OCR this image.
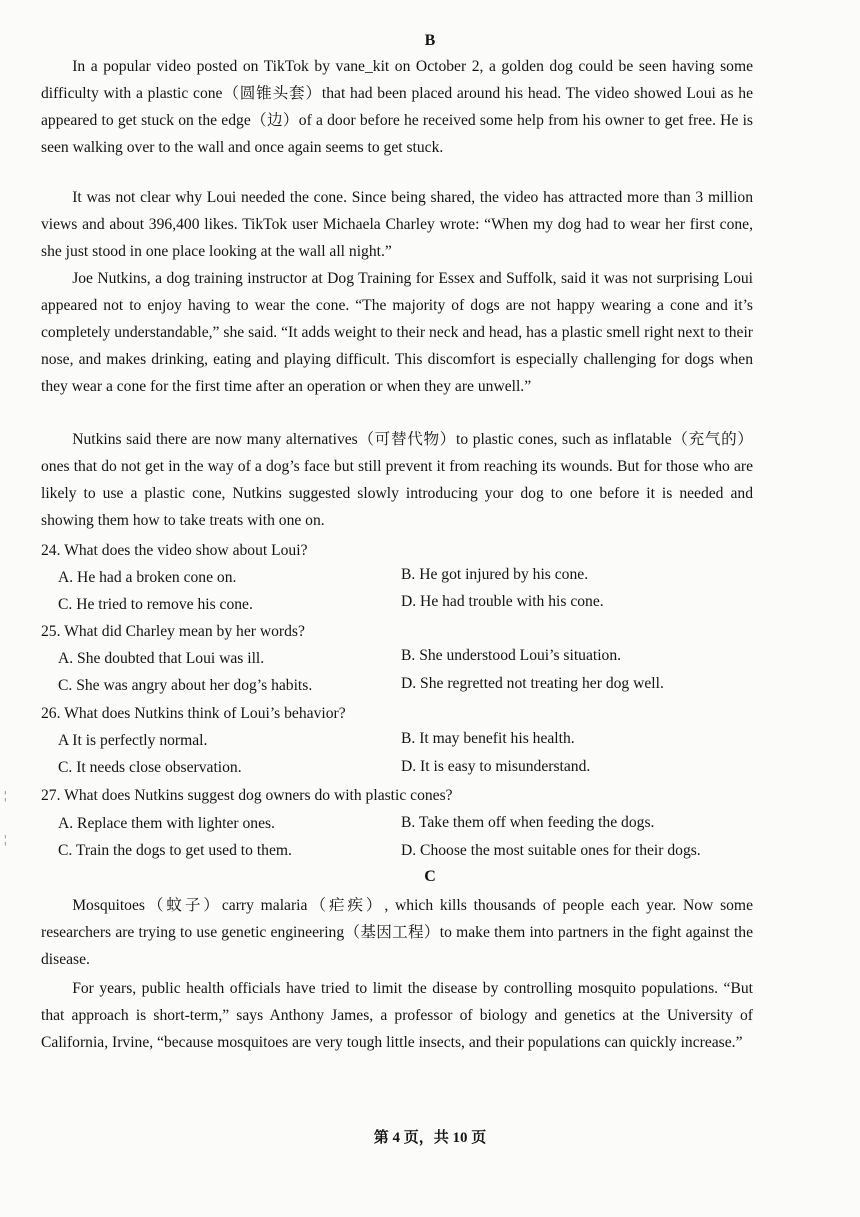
B

In a popular video posted on TikTok by vane_kit on October 2, a golden dog could be seen having some difficulty with a plastic cone（圆锥头套）that had been placed around his head. The video showed Loui as he appeared to get stuck on the edge（边）of a door before he received some help from his owner to get free. He is seen walking over to the wall and once again seems to get stuck.

It was not clear why Loui needed the cone. Since being shared, the video has attracted more than 3 million views and about 396,400 likes. TikTok user Michaela Charley wrote: “When my dog had to wear her first cone, she just stood in one place looking at the wall all night.”

Joe Nutkins, a dog training instructor at Dog Training for Essex and Suffolk, said it was not surprising Loui appeared not to enjoy having to wear the cone. “The majority of dogs are not happy wearing a cone and it’s completely understandable,” she said. “It adds weight to their neck and head, has a plastic smell right next to their nose, and makes drinking, eating and playing difficult. This discomfort is especially challenging for dogs when they wear a cone for the first time after an operation or when they are unwell.”

Nutkins said there are now many alternatives（可替代物）to plastic cones, such as inflatable（充气的）ones that do not get in the way of a dog’s face but still prevent it from reaching its wounds. But for those who are likely to use a plastic cone, Nutkins suggested slowly introducing your dog to one before it is needed and showing them how to take treats with one on.

24. What does the video show about Loui?
A. He had a broken cone on.	B. He got injured by his cone.
C. He tried to remove his cone.	D. He had trouble with his cone.
25. What did Charley mean by her words?
A. She doubted that Loui was ill.	B. She understood Loui’s situation.
C. She was angry about her dog’s habits.	D. She regretted not treating her dog well.
26. What does Nutkins think of Loui’s behavior?
A It is perfectly normal.	B. It may benefit his health.
C. It needs close observation.	D. It is easy to misunderstand.
27. What does Nutkins suggest dog owners do with plastic cones?
A. Replace them with lighter ones.	B. Take them off when feeding the dogs.
C. Train the dogs to get used to them.	D. Choose the most suitable ones for their dogs.
¦
¦
C

Mosquitoes（蚊子）carry malaria（疟疾）, which kills thousands of people each year. Now some researchers are trying to use genetic engineering（基因工程）to make them into partners in the fight against the disease.

For years, public health officials have tried to limit the disease by controlling mosquito populations. “But that approach is short-term,” says Anthony James, a professor of biology and genetics at the University of California, Irvine, “because mosquitoes are very tough little insects, and their populations can quickly increase.”

第 4 页，共 10 页
